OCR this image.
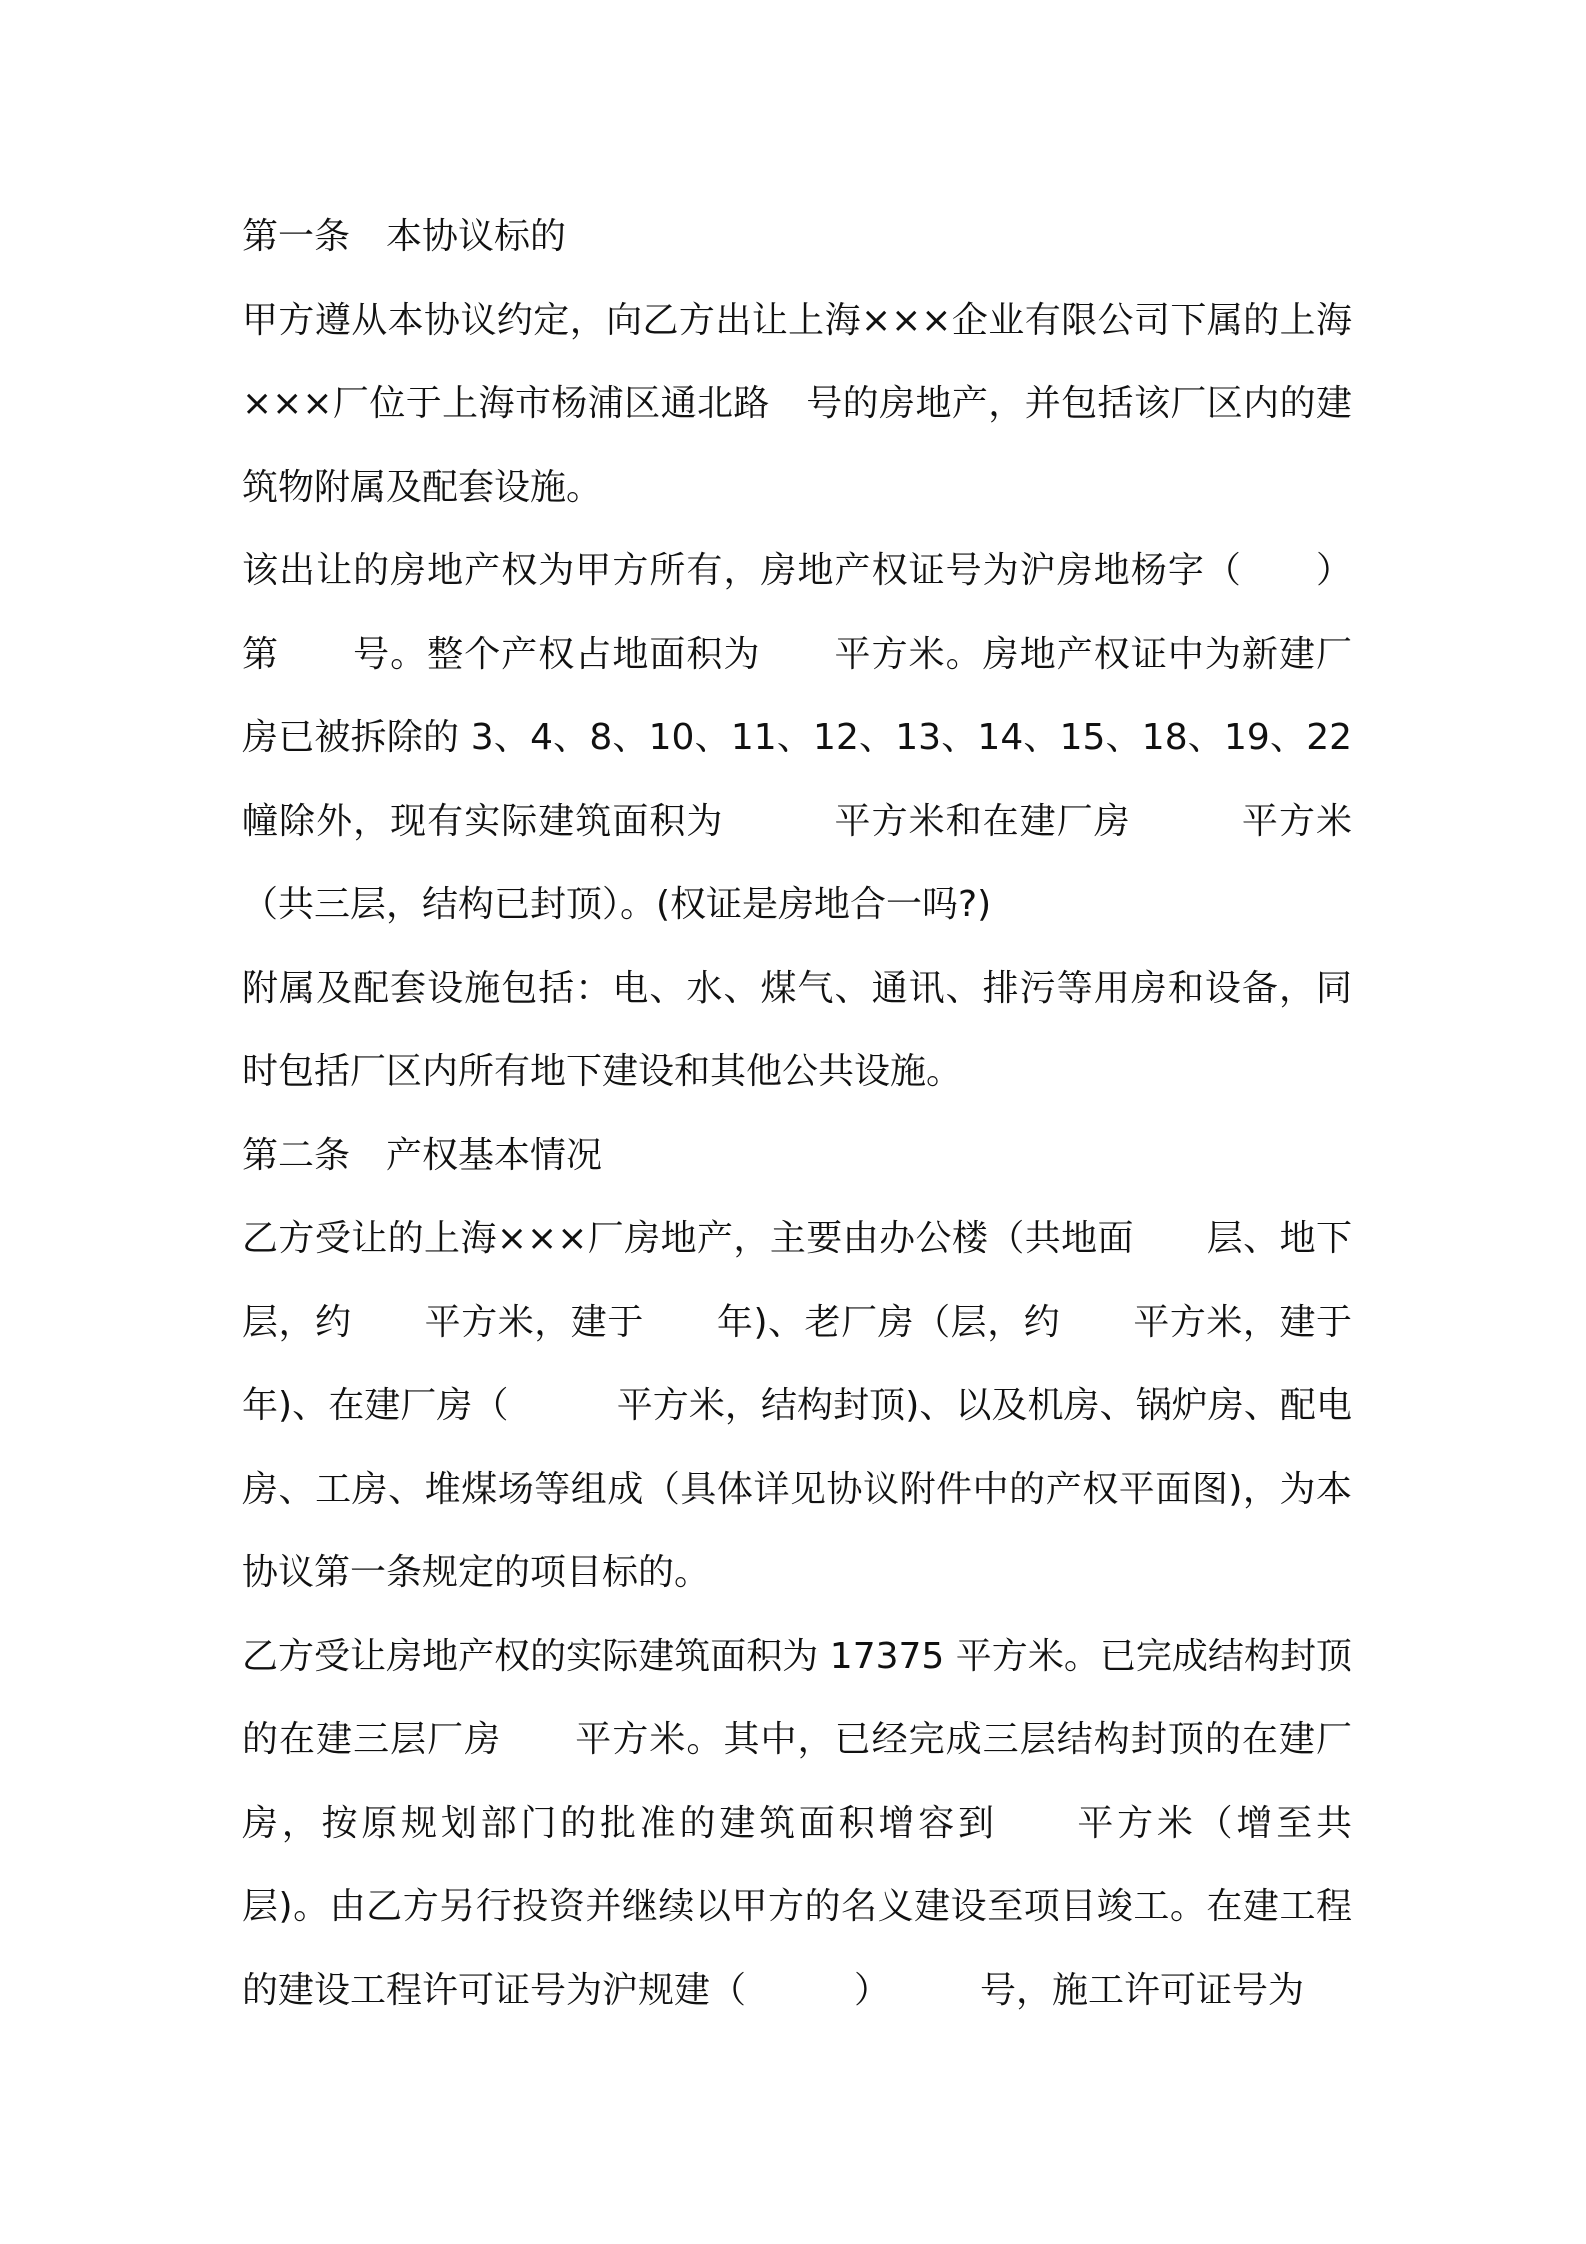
第一条　本协议标的

甲方遵从本协议约定，向乙方出让上海×××企业有限公司下属的上海×××厂位于上海市杨浦区通北路　号的房地产，并包括该厂区内的建筑物附属及配套设施。

该出让的房地产权为甲方所有，房地产权证号为沪房地杨字（　　）第　　号。整个产权占地面积为　　平方米。房地产权证中为新建厂房已被拆除的 3、4、8、10、11、12、13、14、15、18、19、22 幢除外，现有实际建筑面积为　　　平方米和在建厂房　　　平方米（共三层，结构已封顶）。(权证是房地合一吗?)

附属及配套设施包括：电、水、煤气、通讯、排污等用房和设备，同时包括厂区内所有地下建设和其他公共设施。

第二条　产权基本情况

乙方受让的上海×××厂房地产，主要由办公楼（共地面　　层、地下　　层，约　　平方米，建于　　年)、老厂房（层，约　　平方米，建于　　年)、在建厂房（　　　平方米，结构封顶)、以及机房、锅炉房、配电房、工房、堆煤场等组成（具体详见协议附件中的产权平面图)，为本协议第一条规定的项目标的。

乙方受让房地产权的实际建筑面积为 17375 平方米。已完成结构封顶的在建三层厂房　　平方米。其中，已经完成三层结构封顶的在建厂房，按原规划部门的批准的建筑面积增容到　　平方米（增至共　层)。由乙方另行投资并继续以甲方的名义建设至项目竣工。在建工程的建设工程许可证号为沪规建（　　　）　　　号，施工许可证号为
